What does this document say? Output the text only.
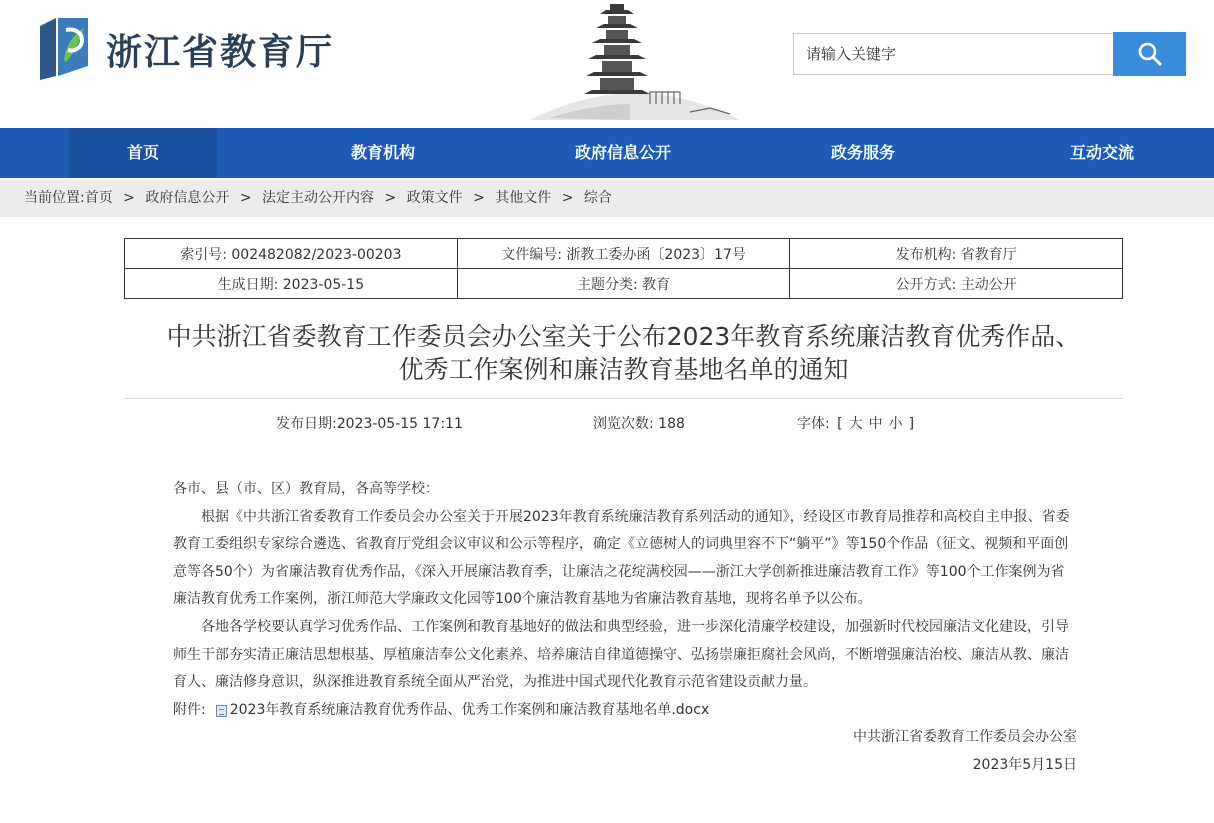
浙江省教育厅
请输入关键字
首页	教育机构	政府信息公开	政务服务	互动交流
当前位置:首页 > 政府信息公开 > 法定主动公开内容 > 政策文件 > 其他文件 > 综合
索引号: 002482082/2023-00203	文件编号: 浙教工委办函〔2023〕17号	发布机构: 省教育厅
生成日期: 2023-05-15	主题分类: 教育	公开方式: 主动公开
中共浙江省委教育工作委员会办公室关于公布2023年教育系统廉洁教育优秀作品、
优秀工作案例和廉洁教育基地名单的通知
发布日期:2023-05-15 17:11	浏览次数: 188	字体: [ 大 中 小 ]

各市、县（市、区）教育局，各高等学校：

根据《中共浙江省委教育工作委员会办公室关于开展2023年教育系统廉洁教育系列活动的通知》，经设区市教育局推荐和高校自主申报、省委教育工委组织专家综合遴选、省教育厅党组会议审议和公示等程序，确定《立德树人的词典里容不下“躺平”》等150个作品（征文、视频和平面创意等各50个）为省廉洁教育优秀作品，《深入开展廉洁教育季，让廉洁之花绽满校园——浙江大学创新推进廉洁教育工作》等100个工作案例为省廉洁教育优秀工作案例，浙江师范大学廉政文化园等100个廉洁教育基地为省廉洁教育基地，现将名单予以公布。

各地各学校要认真学习优秀作品、工作案例和教育基地好的做法和典型经验，进一步深化清廉学校建设，加强新时代校园廉洁文化建设，引导师生干部夯实清正廉洁思想根基、厚植廉洁奉公文化素养、培养廉洁自律道德操守、弘扬崇廉拒腐社会风尚，不断增强廉洁治校、廉洁从教、廉洁育人、廉洁修身意识，纵深推进教育系统全面从严治党，为推进中国式现代化教育示范省建设贡献力量。

附件: 2023年教育系统廉洁教育优秀作品、优秀工作案例和廉洁教育基地名单.docx

中共浙江省委教育工作委员会办公室

2023年5月15日
